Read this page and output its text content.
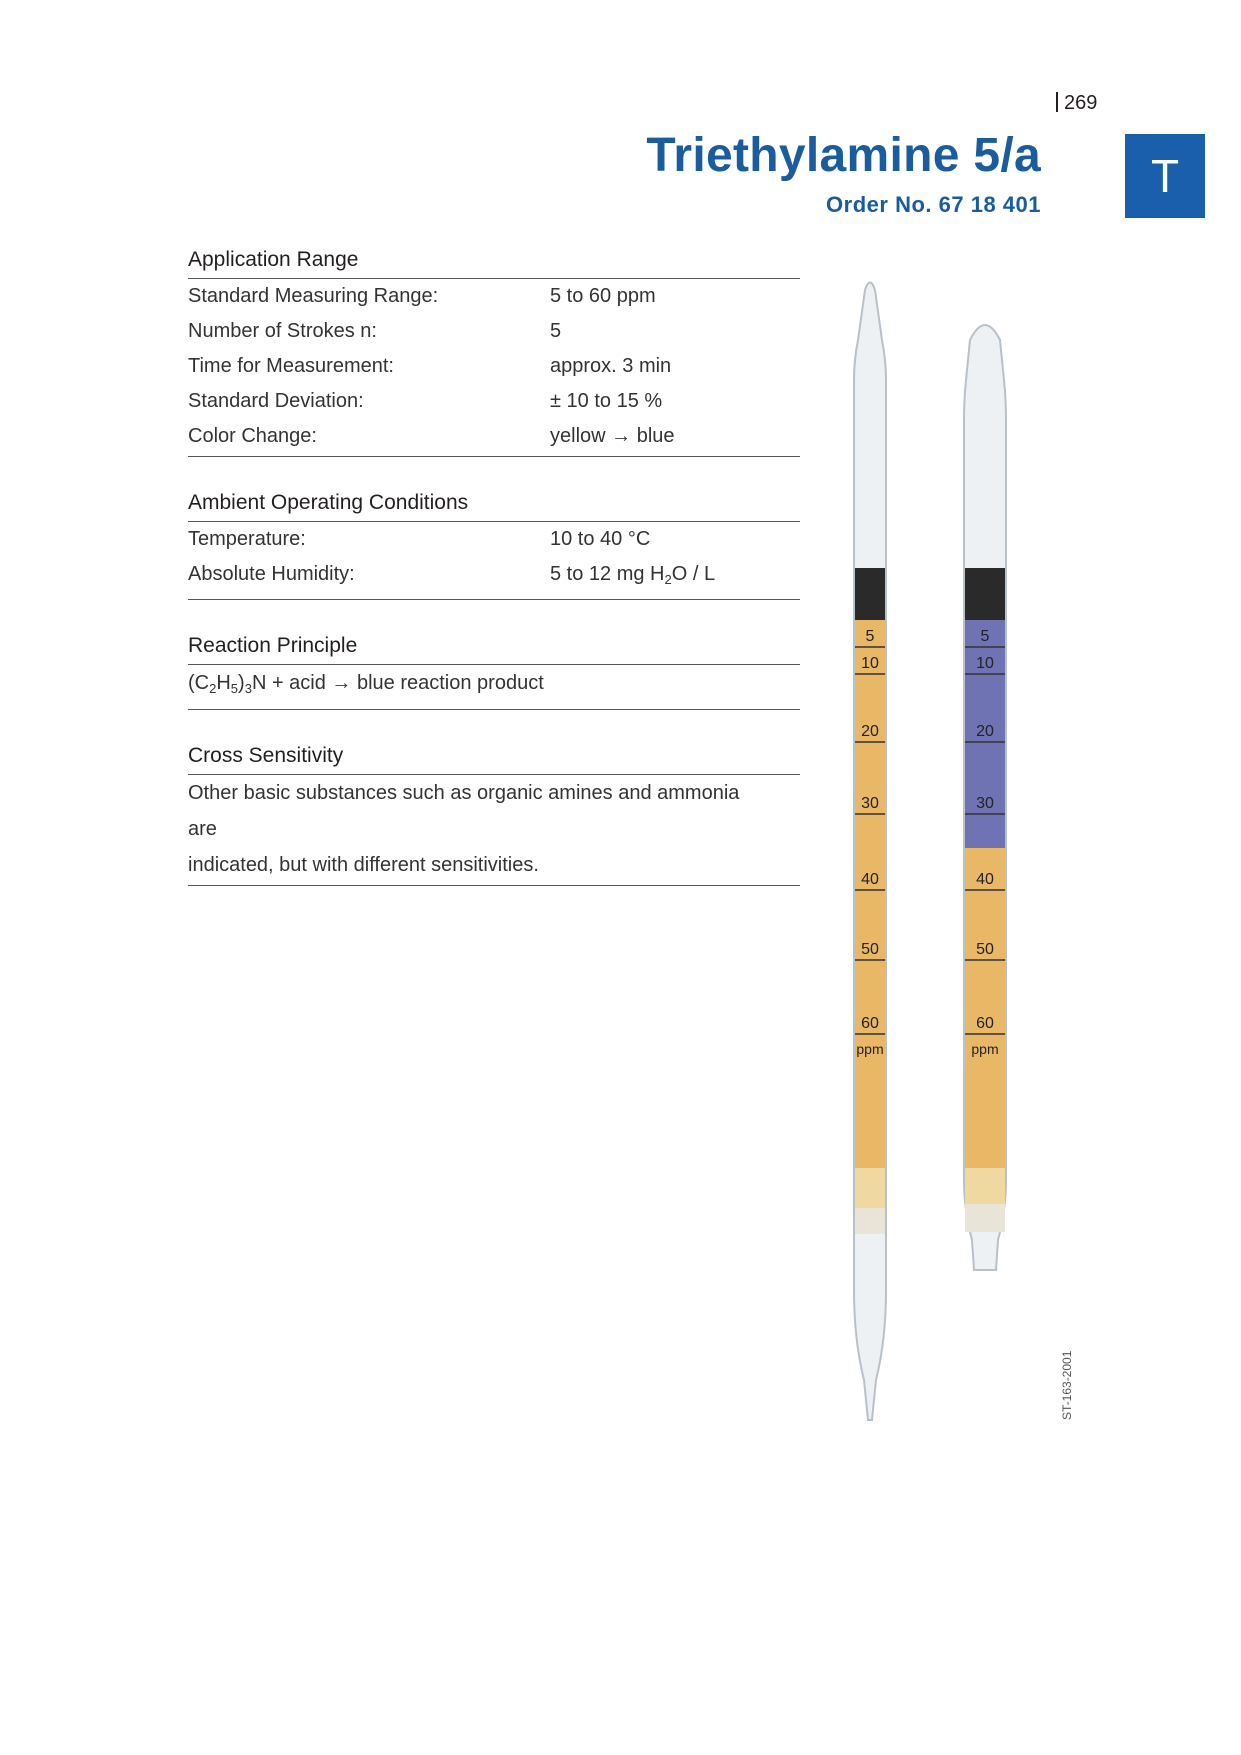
269
Triethylamine 5/a
Order No. 67 18 401
T
Application Range
Standard Measuring Range:	5 to 60 ppm
Number of Strokes n:	5
Time for Measurement:	approx. 3 min
Standard Deviation:	± 10 to 15 %
Color Change:	yellow → blue
Ambient Operating Conditions
Temperature:	10 to 40 °C
Absolute Humidity:	5 to 12 mg $H_2O$ / L
Reaction Principle
$(C_2H_5)_3N$ + acid → blue reaction product
Cross Sensitivity
Other basic substances such as organic amines and ammonia
are
indicated, but with different sensitivities.
5
10
20
30
40
50
60
ppm
5
10
20
30
40
50
60
ppm
ST-163-2001
